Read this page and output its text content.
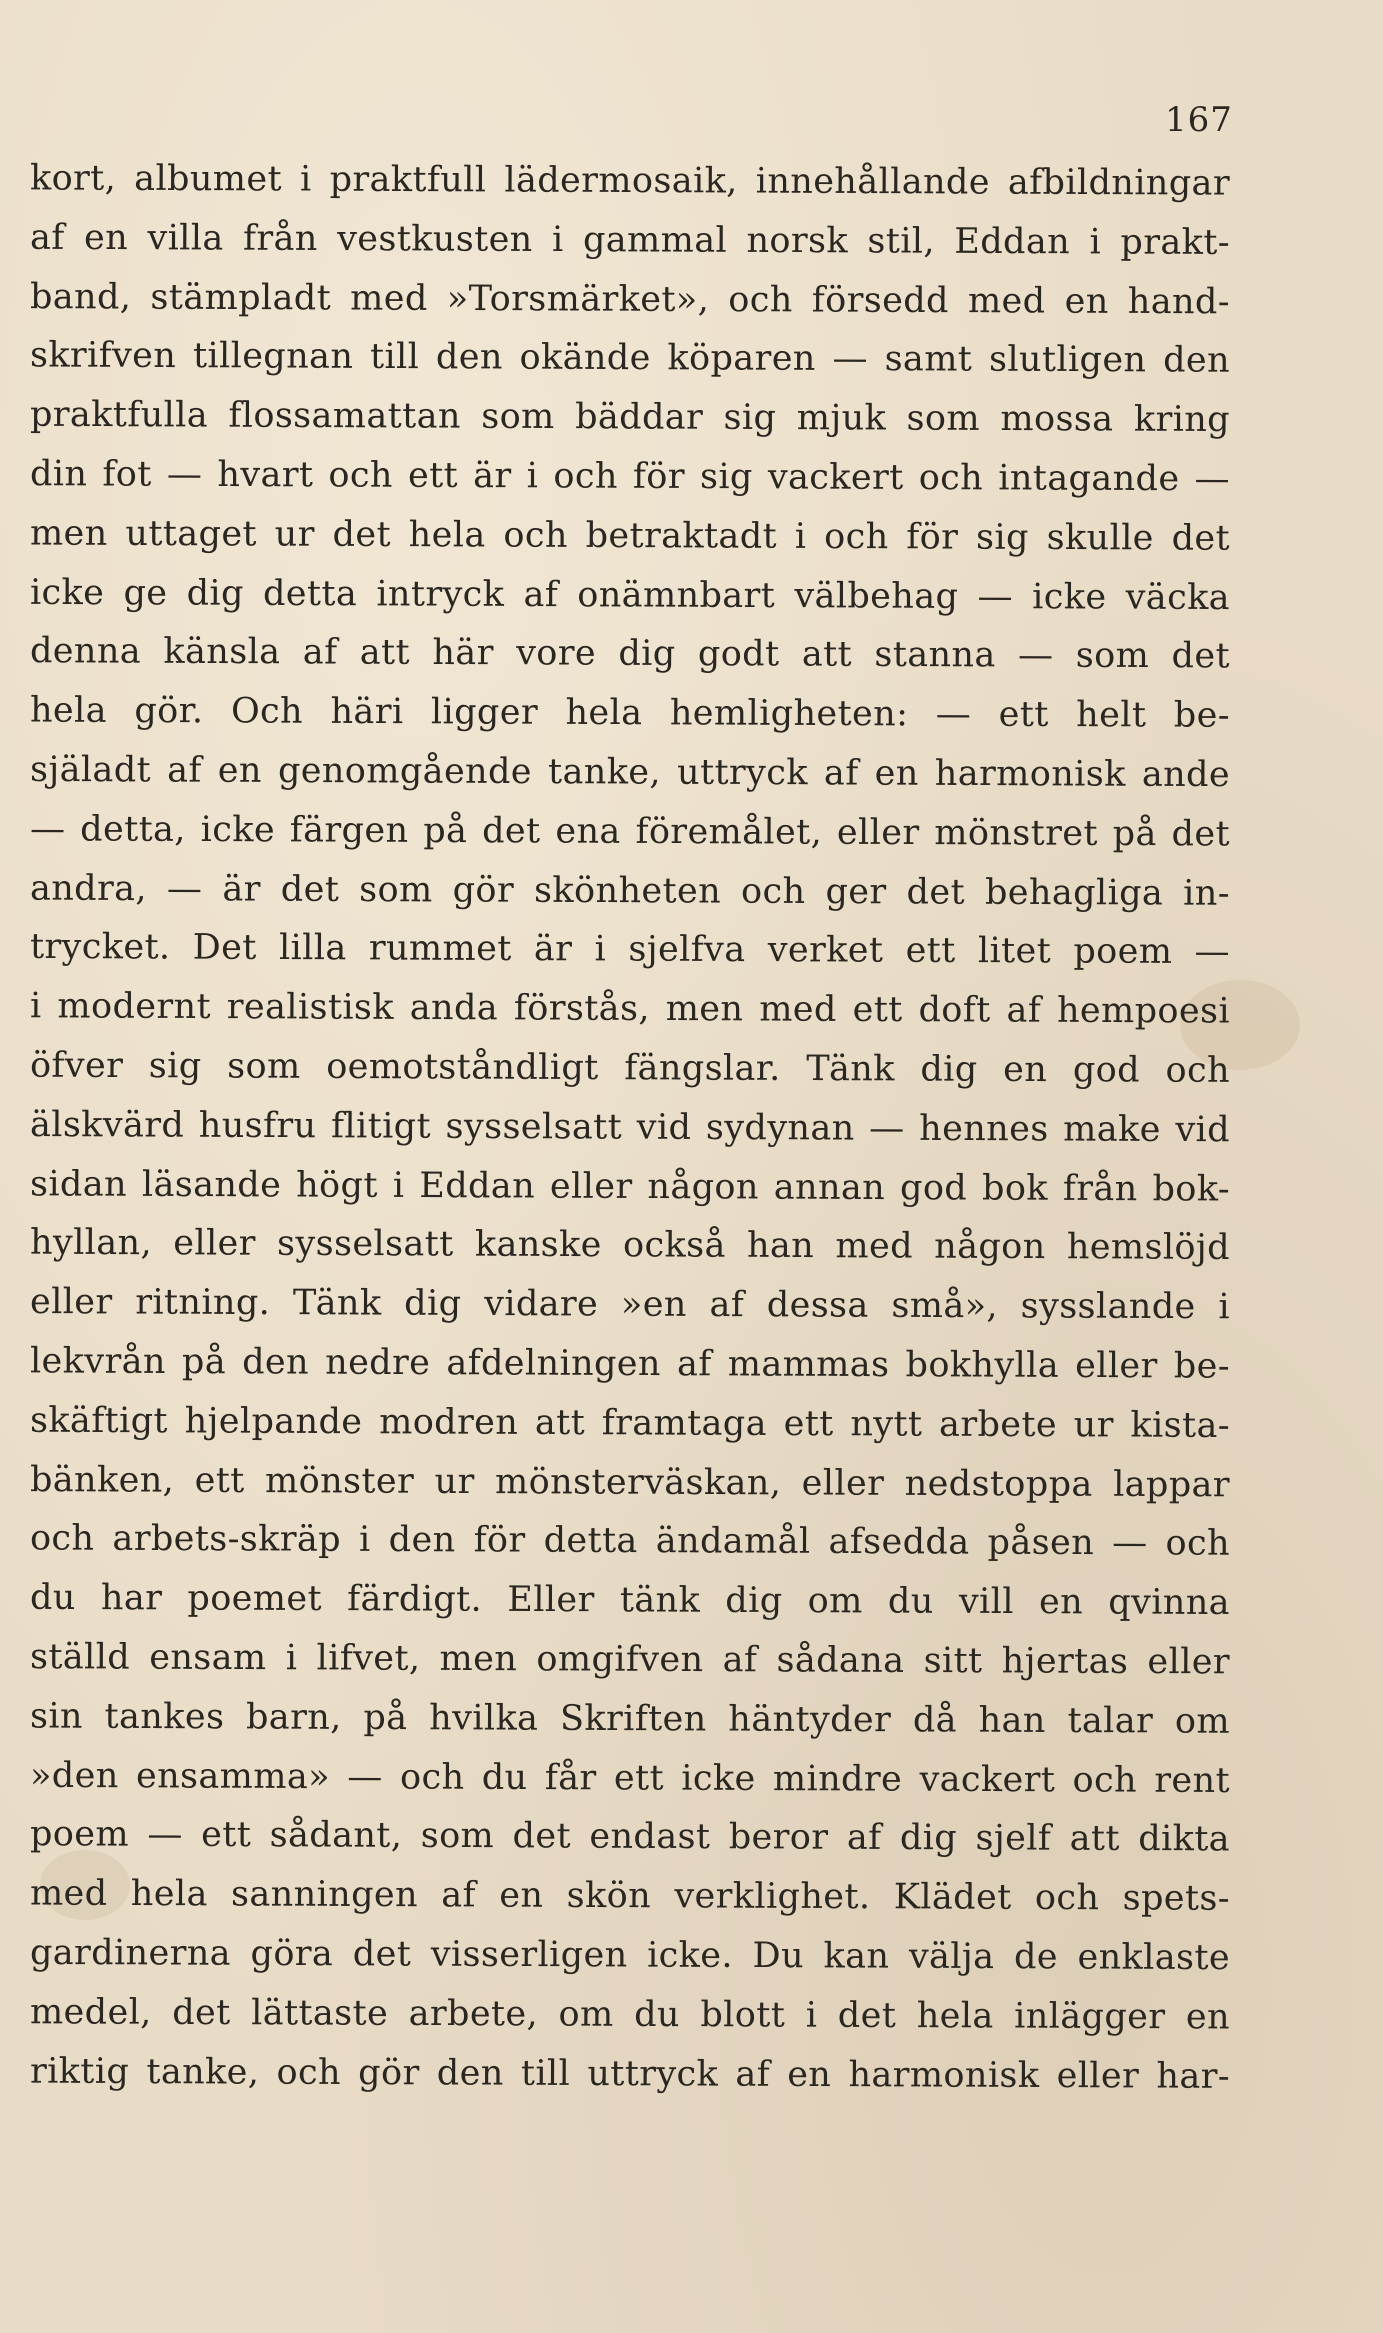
167
kort, albumet i praktfull lädermosaik, innehållande afbildningar
af en villa från vestkusten i gammal norsk stil, Eddan i prakt-
band, stämpladt med »Torsmärket», och försedd med en hand-
skrifven tillegnan till den okände köparen — samt slutligen den
praktfulla flossamattan som bäddar sig mjuk som mossa kring
din fot — hvart och ett är i och för sig vackert och intagande —
men uttaget ur det hela och betraktadt i och för sig skulle det
icke ge dig detta intryck af onämnbart välbehag — icke väcka
denna känsla af att här vore dig godt att stanna — som det
hela gör. Och häri ligger hela hemligheten: — ett helt be-
själadt af en genomgående tanke, uttryck af en harmonisk ande
— detta, icke färgen på det ena föremålet, eller mönstret på det
andra, — är det som gör skönheten och ger det behagliga in-
trycket. Det lilla rummet är i sjelfva verket ett litet poem —
i modernt realistisk anda förstås, men med ett doft af hempoesi
öfver sig som oemotståndligt fängslar. Tänk dig en god och
älskvärd husfru flitigt sysselsatt vid sydynan — hennes make vid
sidan läsande högt i Eddan eller någon annan god bok från bok-
hyllan, eller sysselsatt kanske också han med någon hemslöjd
eller ritning. Tänk dig vidare »en af dessa små», sysslande i
lekvrån på den nedre afdelningen af mammas bokhylla eller be-
skäftigt hjelpande modren att framtaga ett nytt arbete ur kista-
bänken, ett mönster ur mönsterväskan, eller nedstoppa lappar
och arbets-skräp i den för detta ändamål afsedda påsen — och
du har poemet färdigt. Eller tänk dig om du vill en qvinna
ställd ensam i lifvet, men omgifven af sådana sitt hjertas eller
sin tankes barn, på hvilka Skriften häntyder då han talar om
»den ensamma» — och du får ett icke mindre vackert och rent
poem — ett sådant, som det endast beror af dig sjelf att dikta
med hela sanningen af en skön verklighet. Klädet och spets-
gardinerna göra det visserligen icke. Du kan välja de enklaste
medel, det lättaste arbete, om du blott i det hela inlägger en
riktig tanke, och gör den till uttryck af en harmonisk eller har-
